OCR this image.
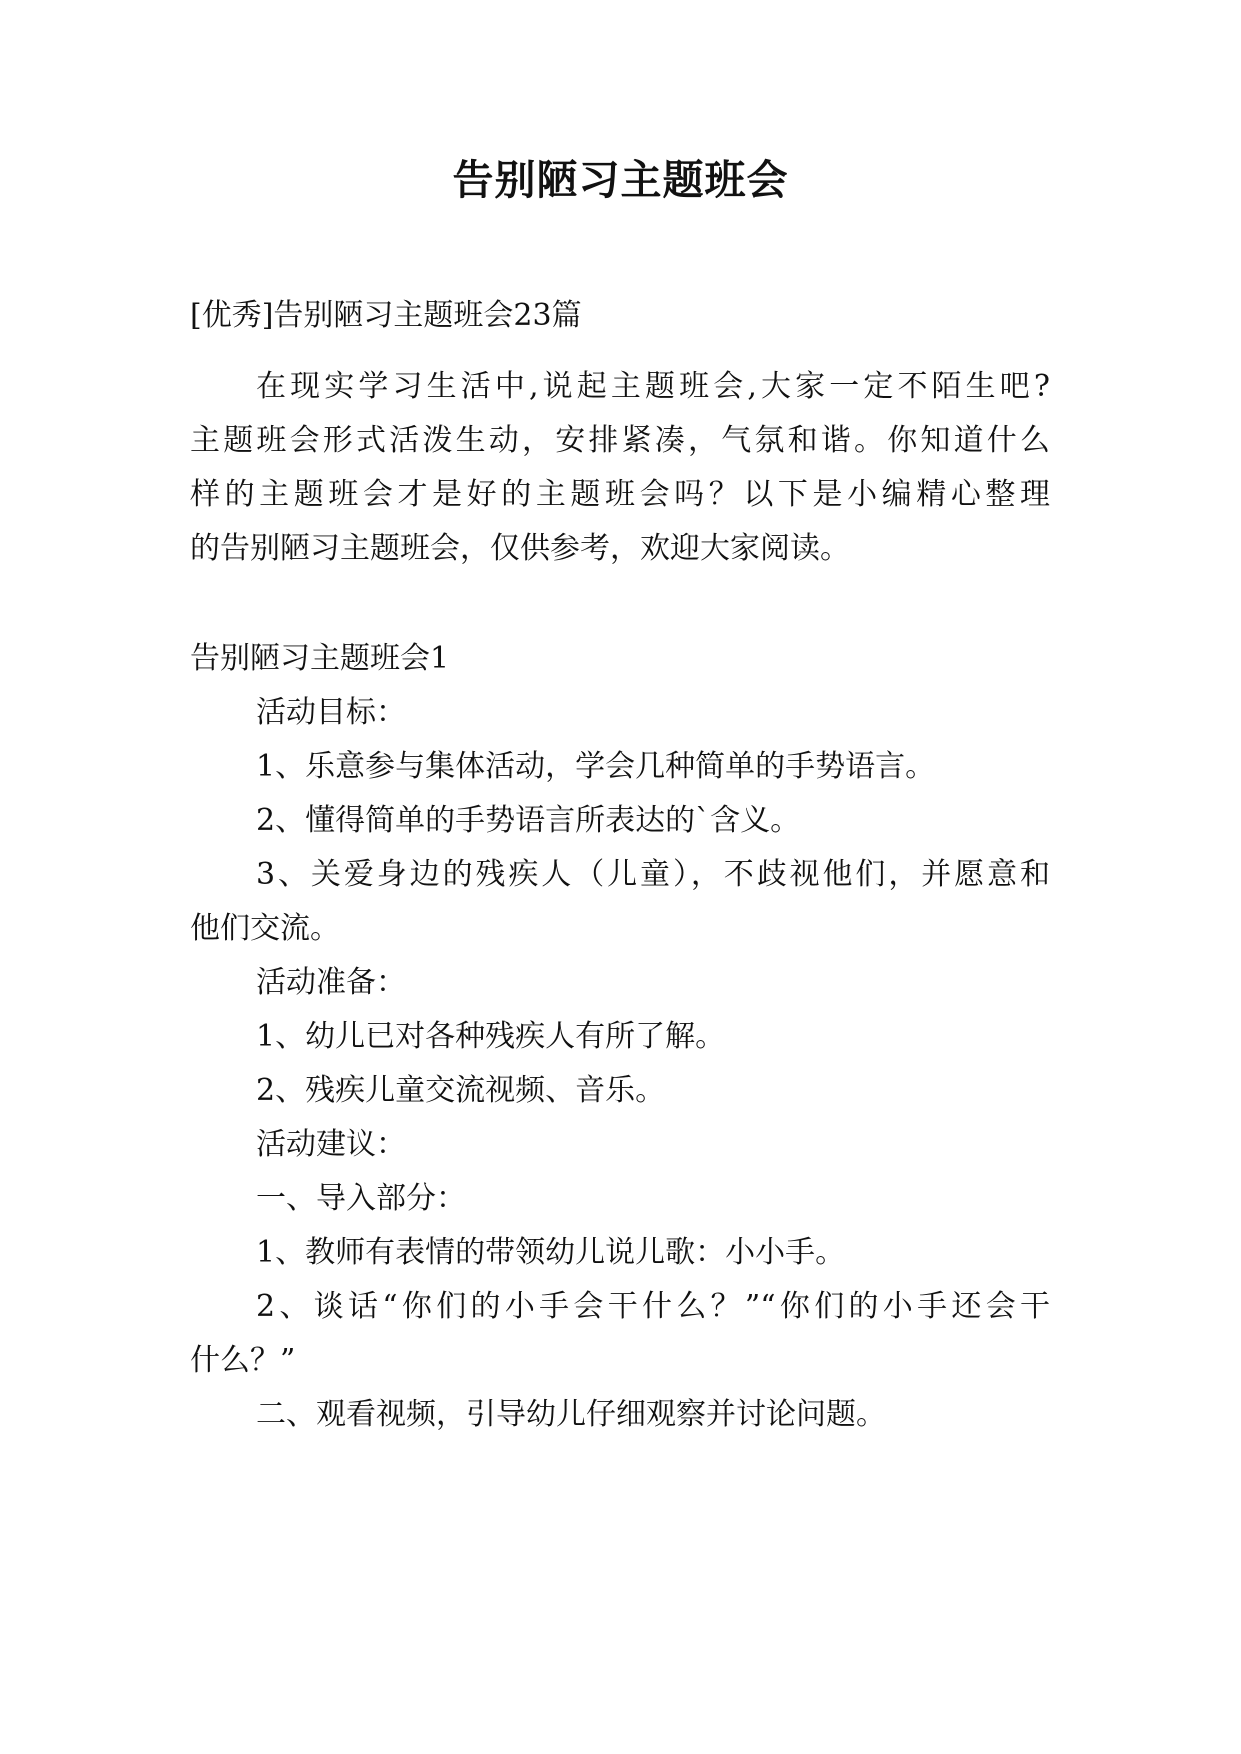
告别陋习主题班会

[优秀]告别陋习主题班会23篇

在现实学习生活中,说起主题班会,大家一定不陌生吧?

主题班会形式活泼生动，安排紧凑，气氛和谐。你知道什么

样的主题班会才是好的主题班会吗？以下是小编精心整理

的告别陋习主题班会，仅供参考，欢迎大家阅读。

告别陋习主题班会1

活动目标：

1、乐意参与集体活动，学会几种简单的手势语言。

2、懂得简单的手势语言所表达的`含义。

3、关爱身边的残疾人（儿童），不歧视他们，并愿意和

他们交流。

活动准备：

1、幼儿已对各种残疾人有所了解。

2、残疾儿童交流视频、音乐。

活动建议：

一、导入部分：

1、教师有表情的带领幼儿说儿歌：小小手。

2、谈话“你们的小手会干什么？”“你们的小手还会干

什么？”

二、观看视频，引导幼儿仔细观察并讨论问题。
